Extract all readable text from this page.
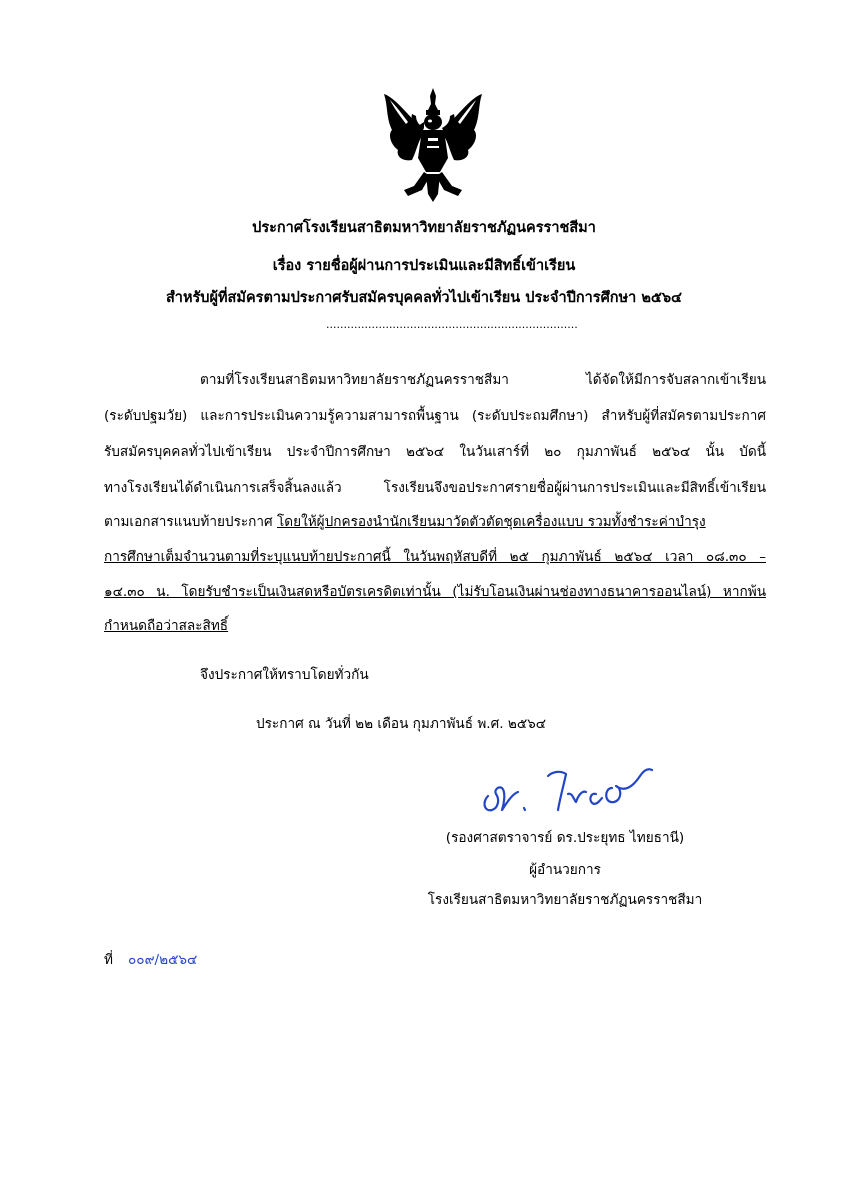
ประกาศโรงเรียนสาธิตมหาวิทยาลัยราชภัฏนครราชสีมา
เรื่อง รายชื่อผู้ผ่านการประเมินและมีสิทธิ์เข้าเรียน
สำหรับผู้ที่สมัครตามประกาศรับสมัครบุคคลทั่วไปเข้าเรียน ประจำปีการศึกษา ๒๕๖๔
........................................................................
ตามที่โรงเรียนสาธิตมหาวิทยาลัยราชภัฏนครราชสีมา ได้จัดให้มีการจับสลากเข้าเรียน
(ระดับปฐมวัย) และการประเมินความรู้ความสามารถพื้นฐาน (ระดับประถมศึกษา) สำหรับผู้ที่สมัครตามประกาศ
รับสมัครบุคคลทั่วไปเข้าเรียน ประจำปีการศึกษา ๒๕๖๔ ในวันเสาร์ที่ ๒๐ กุมภาพันธ์ ๒๕๖๔ นั้น บัดนี้
ทางโรงเรียนได้ดำเนินการเสร็จสิ้นลงแล้ว โรงเรียนจึงขอประกาศรายชื่อผู้ผ่านการประเมินและมีสิทธิ์เข้าเรียน
ตามเอกสารแนบท้ายประกาศ โดยให้ผู้ปกครองนำนักเรียนมาวัดตัวตัดชุดเครื่องแบบ รวมทั้งชำระค่าบำรุง
การศึกษาเต็มจำนวนตามที่ระบุแนบท้ายประกาศนี้ ในวันพฤหัสบดีที่ ๒๕ กุมภาพันธ์ ๒๕๖๔ เวลา ๐๘.๓๐ –
๑๔.๓๐ น. โดยรับชำระเป็นเงินสดหรือบัตรเครดิตเท่านั้น (ไม่รับโอนเงินผ่านช่องทางธนาคารออนไลน์) หากพ้น
กำหนดถือว่าสละสิทธิ์
จึงประกาศให้ทราบโดยทั่วกัน
ประกาศ ณ วันที่ ๒๒ เดือน กุมภาพันธ์ พ.ศ. ๒๕๖๔
(รองศาสตราจารย์ ดร.ประยุทธ ไทยธานี)
ผู้อำนวยการ
โรงเรียนสาธิตมหาวิทยาลัยราชภัฏนครราชสีมา
ที่ ๐๐๙/๒๕๖๔
